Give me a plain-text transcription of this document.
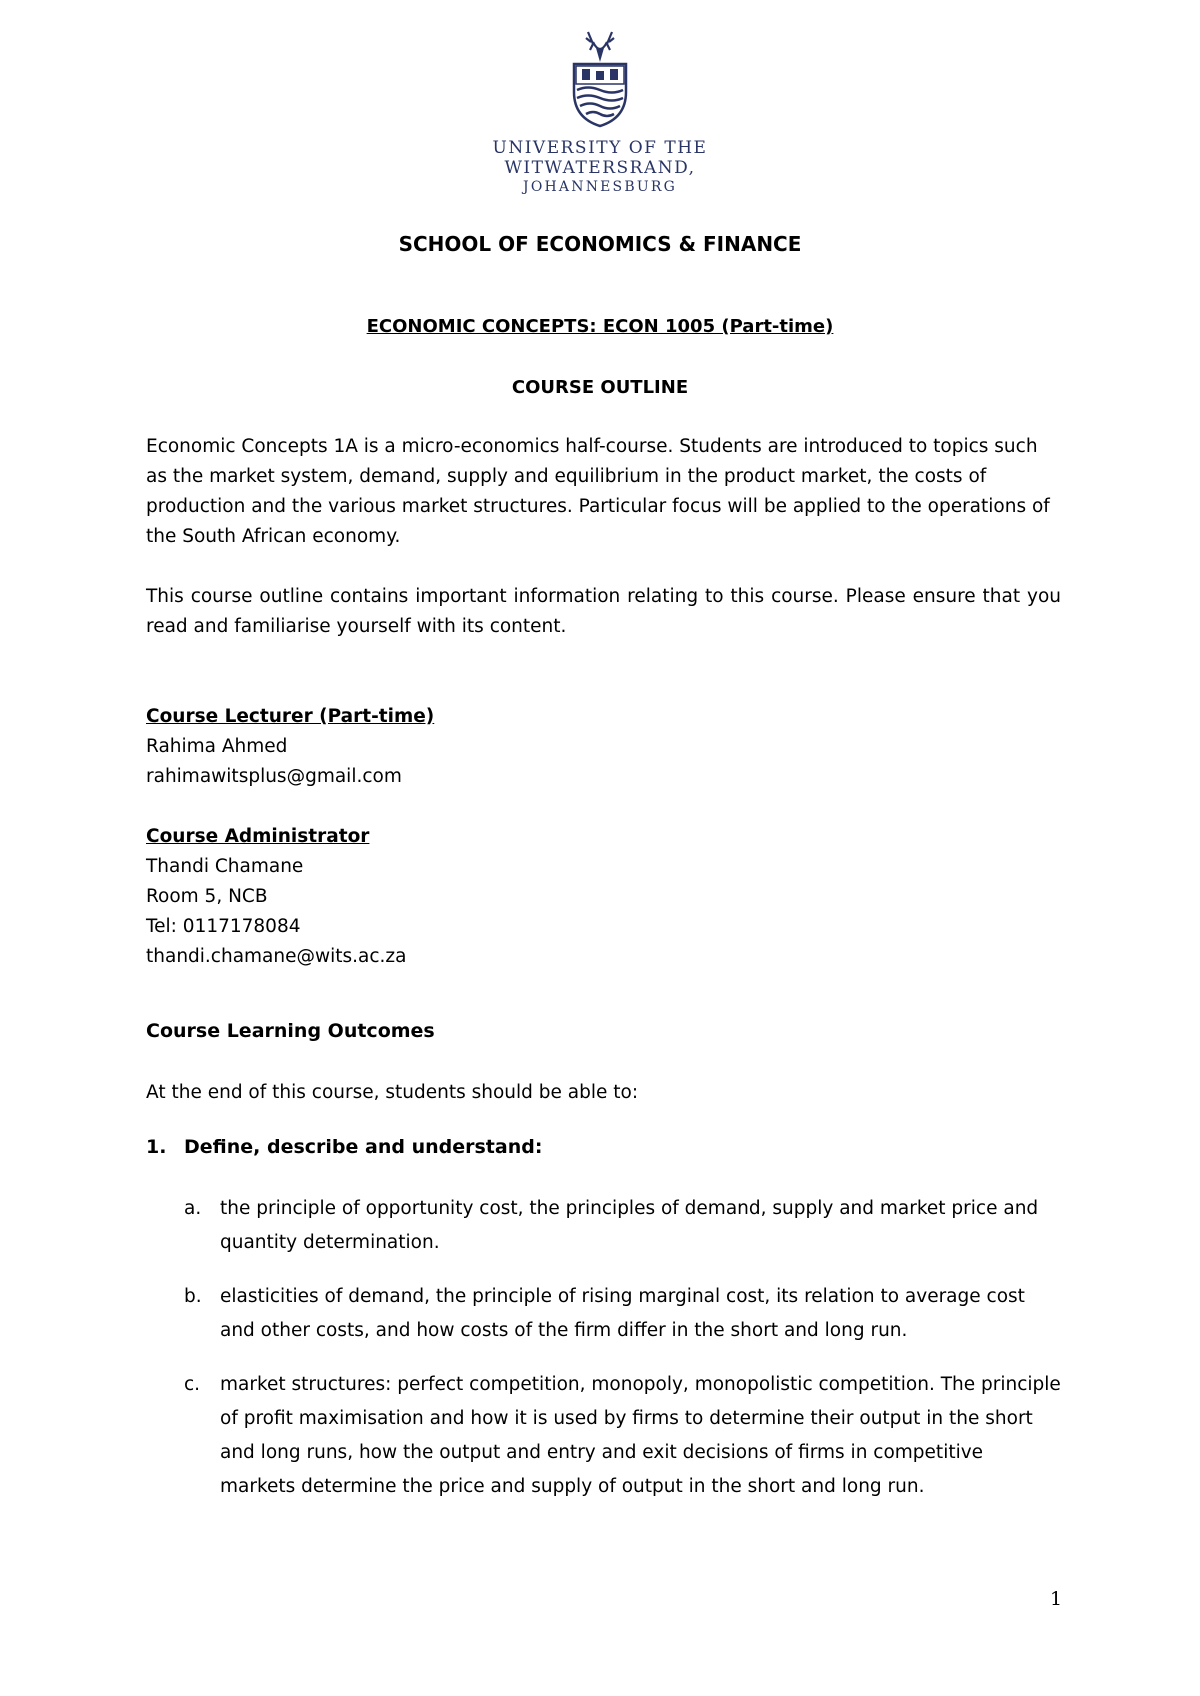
UNIVERSITY OF THE
WITWATERSRAND,
JOHANNESBURG
SCHOOL OF ECONOMICS & FINANCE
ECONOMIC CONCEPTS: ECON 1005 (Part-time)
COURSE OUTLINE
Economic Concepts 1A is a micro-economics half-course. Students are introduced to topics such as the market system, demand, supply and equilibrium in the product market, the costs of production and the various market structures. Particular focus will be applied to the operations of the South African economy.
This course outline contains important information relating to this course. Please ensure that you read and familiarise yourself with its content.
Course Lecturer (Part-time)
Rahima Ahmed
rahimawitsplus@gmail.com
Course Administrator
Thandi Chamane
Room 5, NCB
Tel: 0117178084
thandi.chamane@wits.ac.za
Course Learning Outcomes
At the end of this course, students should be able to:
1. Define, describe and understand:
a.	the principle of opportunity cost, the principles of demand, supply and market price and quantity determination.
b. elasticities of demand, the principle of rising marginal cost, its relation to average cost and other costs, and how costs of the firm differ in the short and long run.
c.	market structures: perfect competition, monopoly, monopolistic competition. The principle of profit maximisation and how it is used by firms to determine their output in the short and long runs, how the output and entry and exit decisions of firms in competitive markets determine the price and supply of output in the short and long run.
1
